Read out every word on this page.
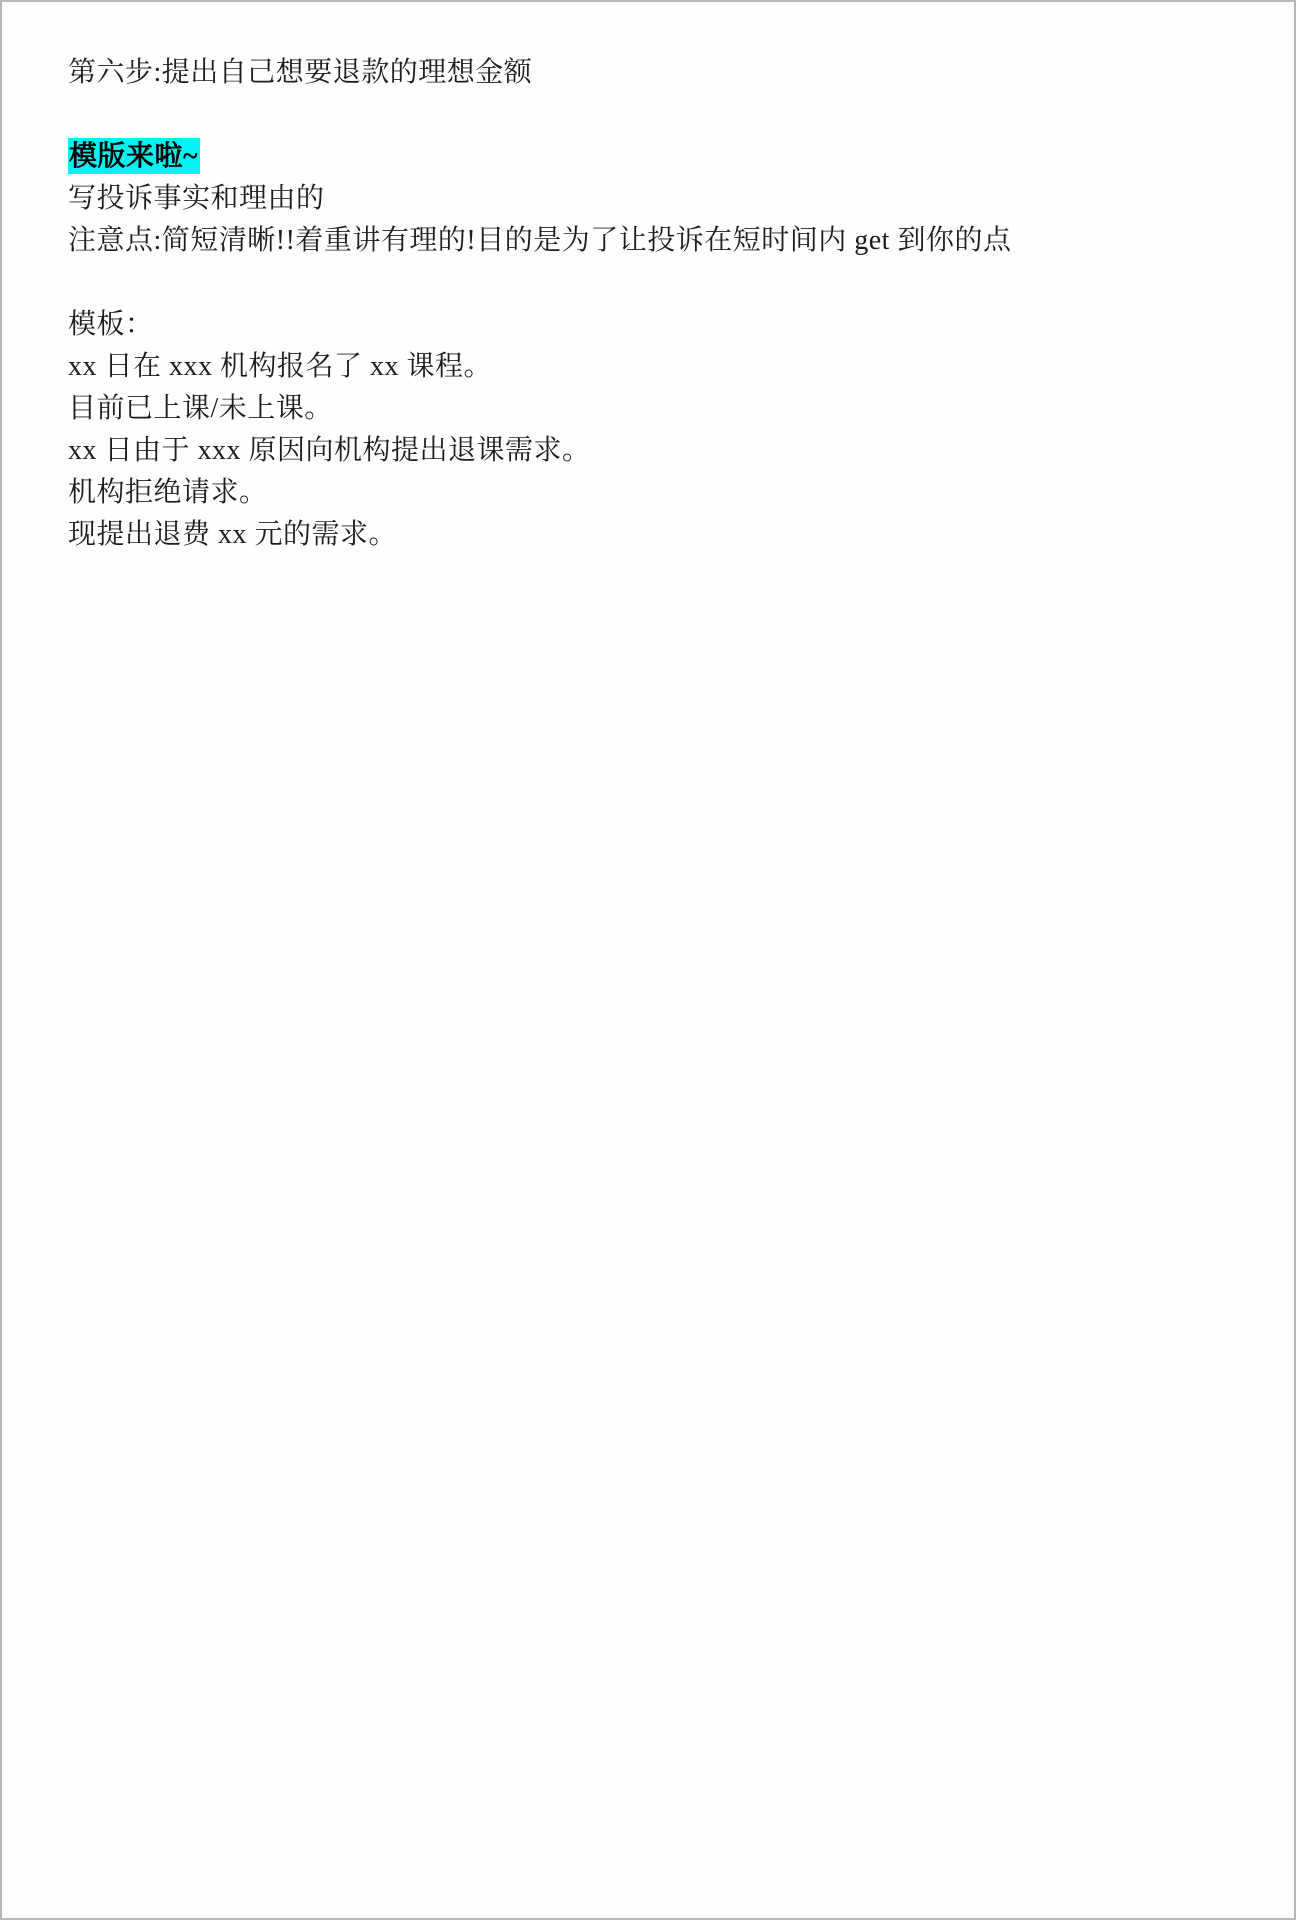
第六步:提出自己想要退款的理想金额

模版来啦~

写投诉事实和理由的

注意点:简短清晰!!着重讲有理的!目的是为了让投诉在短时间内 get 到你的点

模板：

xx 日在 xxx 机构报名了 xx 课程。

目前已上课/未上课。

xx 日由于 xxx 原因向机构提出退课需求。

机构拒绝请求。

现提出退费 xx 元的需求。
